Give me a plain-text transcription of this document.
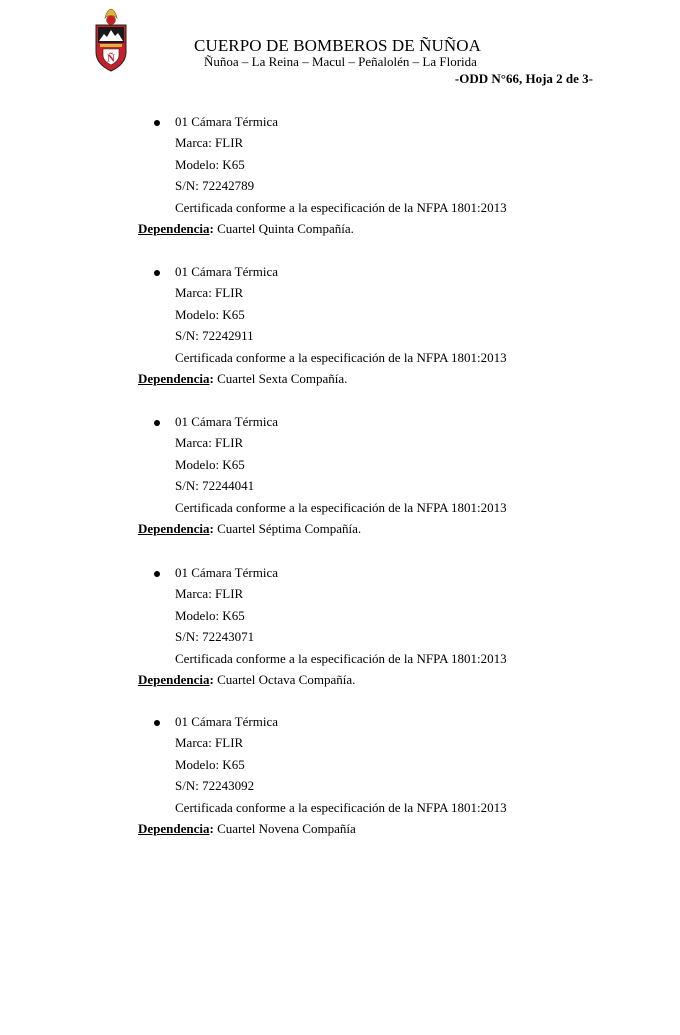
Ñ
CUERPO DE BOMBEROS DE ÑUÑOA
Ñuñoa – La Reina – Macul – Peñalolén – La Florida
-ODD N°66, Hoja 2 de 3-
01 Cámara Térmica
Marca: FLIR
Modelo: K65
S/N: 72242789
Certificada conforme a la especificación de la NFPA 1801:2013
Dependencia: Cuartel Quinta Compañía.
01 Cámara Térmica
Marca: FLIR
Modelo: K65
S/N: 72242911
Certificada conforme a la especificación de la NFPA 1801:2013
Dependencia: Cuartel Sexta Compañía.
01 Cámara Térmica
Marca: FLIR
Modelo: K65
S/N: 72244041
Certificada conforme a la especificación de la NFPA 1801:2013
Dependencia: Cuartel Séptima Compañía.
01 Cámara Térmica
Marca: FLIR
Modelo: K65
S/N: 72243071
Certificada conforme a la especificación de la NFPA 1801:2013
Dependencia: Cuartel Octava Compañía.
01 Cámara Térmica
Marca: FLIR
Modelo: K65
S/N: 72243092
Certificada conforme a la especificación de la NFPA 1801:2013
Dependencia: Cuartel Novena Compañía
